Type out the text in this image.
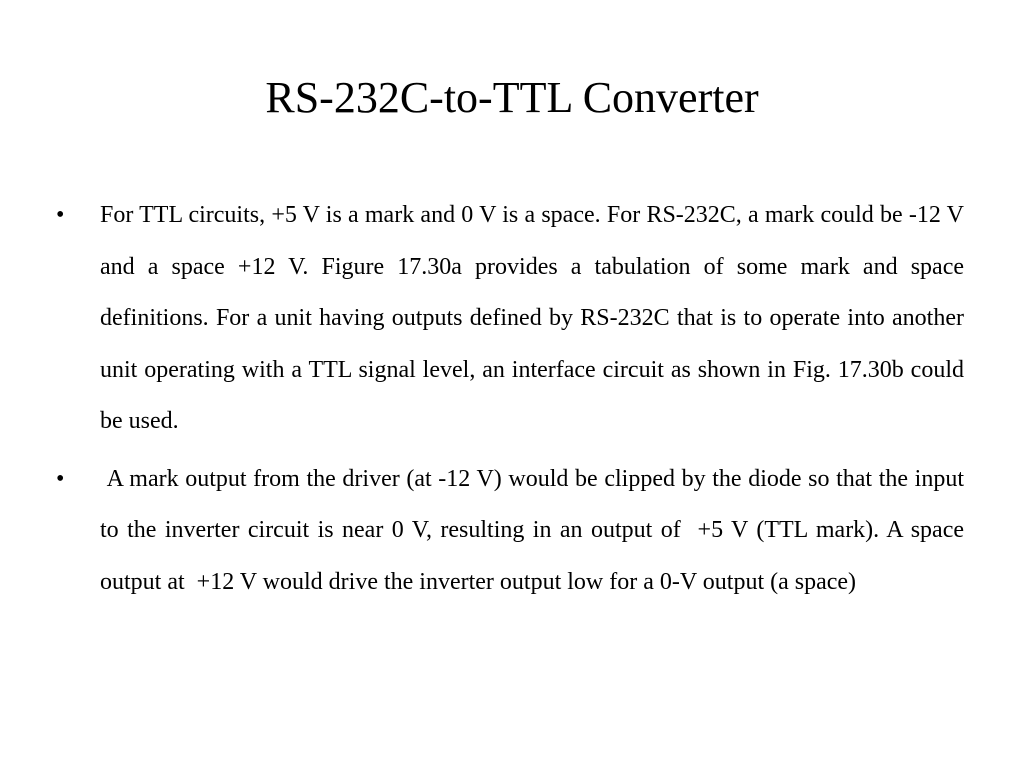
RS-232C-to-TTL Converter
•	For TTL circuits, +5 V is a mark and 0 V is a space. For RS-232C, a mark could be -12 V and a space +12 V. Figure 17.30a provides a tabulation of some mark and space definitions. For a unit having outputs defined by RS-232C that is to operate into another unit operating with a TTL signal level, an interface circuit as shown in Fig. 17.30b could be used.
•	A mark output from the driver (at -12 V) would be clipped by the diode so that the input to the inverter circuit is near 0 V, resulting in an output of  +5 V (TTL mark). A space output at  +12 V would drive the inverter output low for a 0-V output (a space)
